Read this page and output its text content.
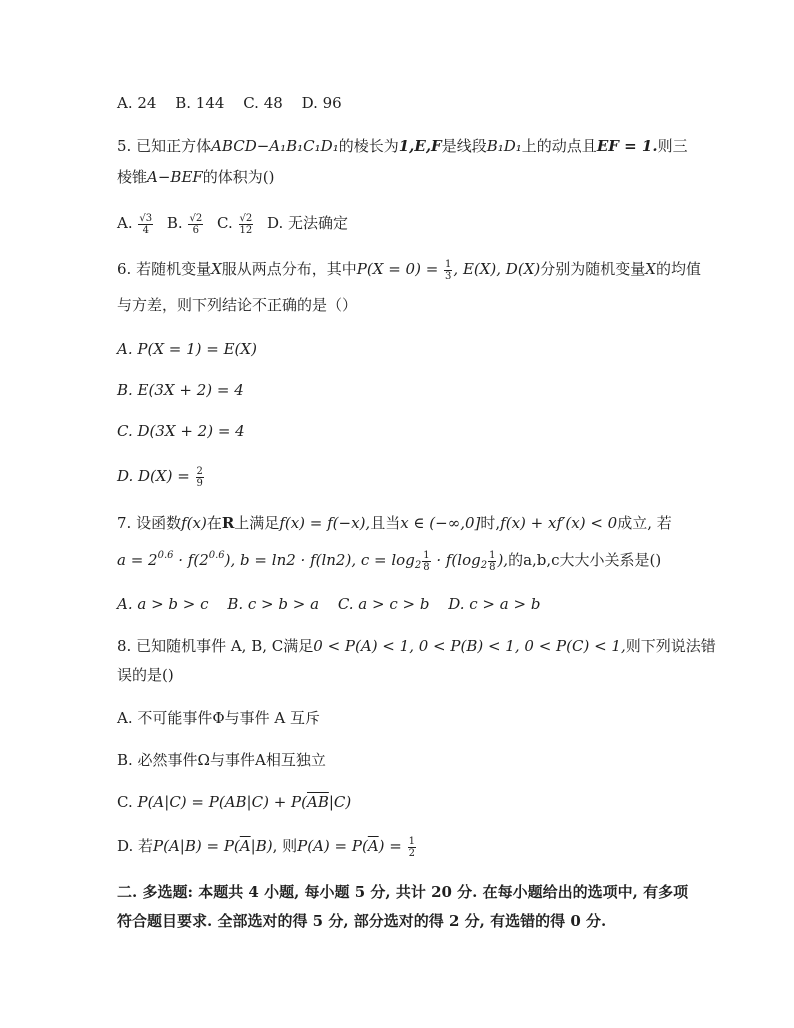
A. 24 B. 144 C. 48 D. 96
5. 已知正方体ABCD−A₁B₁C₁D₁的棱长为1,E,F是线段B₁D₁上的动点且EF = 1.则三
棱锥A−BEF的体积为()
A. $\frac{√3}{4} B$. $\frac{√2}{6} C$. $\frac{√2}{12} D$. 无法确定
6. 若随机变量X服从两点分布，其中$P(X = 0) = \frac{1}{3}$ , E(X), D(X)分别为随机变量X的均值
与方差，则下列结论不正确的是（）
A. P(X = 1) = E(X)
B. E(3X + 2) = 4
C. D(3X + 2) = 4
D. $D(X) = \frac{2}{9}$
7. 设函数f(x)在R上满足f(x) = f(−x),且当x ∈ (−∞,0]时,f(x) + xf′(x) < 0成立, 若
$a = 2^{0.6} \cdot f(2^{0.6})$, b = ln2 · f(ln2), $c = \log_2 \frac{1}{8} \cdot f(\log_2 \frac{1}{8}$ ),的a,b,c大大小关系是()
A. a > b > c B. c > b > a C. a > c > b D. c > a > b
8. 已知随机事件 A, B, C满足0 < P(A) < 1, 0 < P(B) < 1, 0 < P(C) < 1,则下列说法错
误的是()
A. 不可能事件Φ与事件 A 互斥
B. 必然事件Ω与事件A相互独立
C. $P(A|C) = P(AB|C) + P(\overline{AB}|C)$
D. 若$P(A|B) = P(\overline{A}|B)$, 则$P(A) = P(\overline{A}) = \frac{1}{2}$
二. 多选题: 本题共 4 小题, 每小题 5 分, 共计 20 分. 在每小题给出的选项中, 有多项
符合题目要求. 全部选对的得 5 分, 部分选对的得 2 分, 有选错的得 0 分.
